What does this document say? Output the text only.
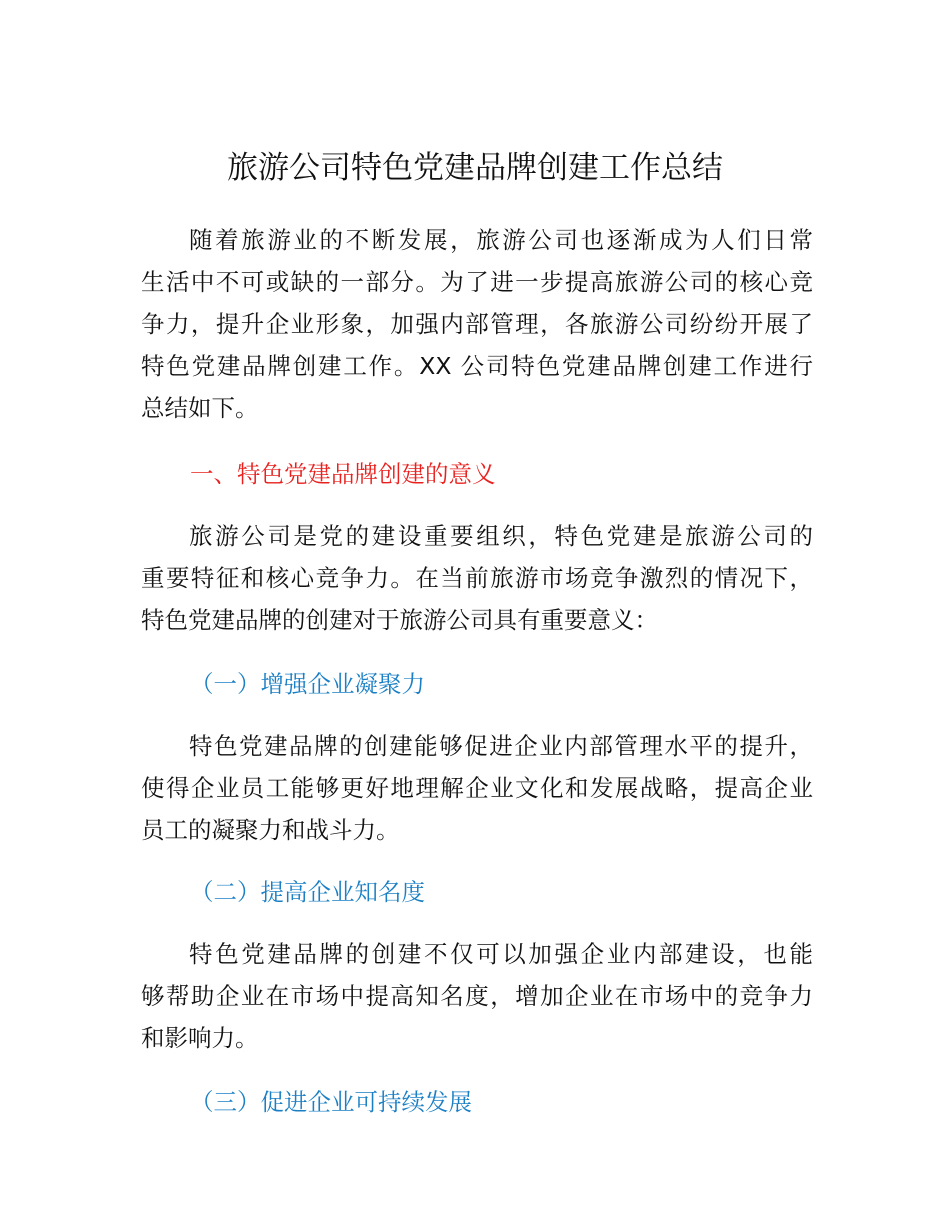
旅游公司特色党建品牌创建工作总结
随着旅游业的不断发展，旅游公司也逐渐成为人们日常
生活中不可或缺的一部分。为了进一步提高旅游公司的核心竞
争力，提升企业形象，加强内部管理，各旅游公司纷纷开展了
特色党建品牌创建工作。XX 公司特色党建品牌创建工作进行
总结如下。
一、特色党建品牌创建的意义
旅游公司是党的建设重要组织，特色党建是旅游公司的
重要特征和核心竞争力。在当前旅游市场竞争激烈的情况下，
特色党建品牌的创建对于旅游公司具有重要意义：
（一）增强企业凝聚力
特色党建品牌的创建能够促进企业内部管理水平的提升，
使得企业员工能够更好地理解企业文化和发展战略，提高企业
员工的凝聚力和战斗力。
（二）提高企业知名度
特色党建品牌的创建不仅可以加强企业内部建设，也能
够帮助企业在市场中提高知名度，增加企业在市场中的竞争力
和影响力。
（三）促进企业可持续发展
